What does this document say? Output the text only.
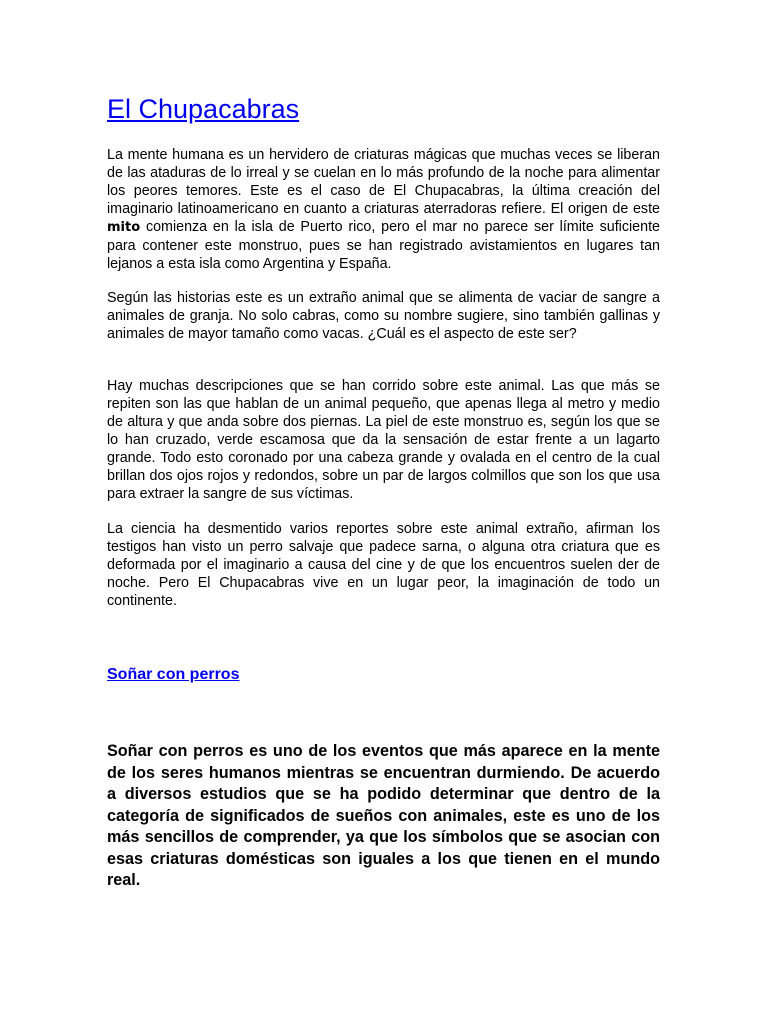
El Chupacabras

La mente humana es un hervidero de criaturas mágicas que muchas veces se liberan de las ataduras de lo irreal y se cuelan en lo más profundo de la noche para alimentar los peores temores. Este es el caso de El Chupacabras, la última creación del imaginario latinoamericano en cuanto a criaturas aterradoras refiere. El origen de este mito comienza en la isla de Puerto rico, pero el mar no parece ser límite suficiente para contener este monstruo, pues se han registrado avistamientos en lugares tan lejanos a esta isla como Argentina y España.

Según las historias este es un extraño animal que se alimenta de vaciar de sangre a animales de granja. No solo cabras, como su nombre sugiere, sino también gallinas y animales de mayor tamaño como vacas. ¿Cuál es el aspecto de este ser?

Hay muchas descripciones que se han corrido sobre este animal. Las que más se repiten son las que hablan de un animal pequeño, que apenas llega al metro y medio de altura y que anda sobre dos piernas. La piel de este monstruo es, según los que se lo han cruzado, verde escamosa que da la sensación de estar frente a un lagarto grande. Todo esto coronado por una cabeza grande y ovalada en el centro de la cual brillan dos ojos rojos y redondos, sobre un par de largos colmillos que son los que usa para extraer la sangre de sus víctimas.

La ciencia ha desmentido varios reportes sobre este animal extraño, afirman los testigos han visto un perro salvaje que padece sarna, o alguna otra criatura que es deformada por el imaginario a causa del cine y de que los encuentros suelen der de noche. Pero El Chupacabras vive en un lugar peor, la imaginación de todo un continente.

Soñar con perros

Soñar con perros es uno de los eventos que más aparece en la mente de los seres humanos mientras se encuentran durmiendo. De acuerdo a diversos estudios que se ha podido determinar que dentro de la categoría de significados de sueños con animales, este es uno de los más sencillos de comprender, ya que los símbolos que se asocian con esas criaturas domésticas son iguales a los que tienen en el mundo real.
